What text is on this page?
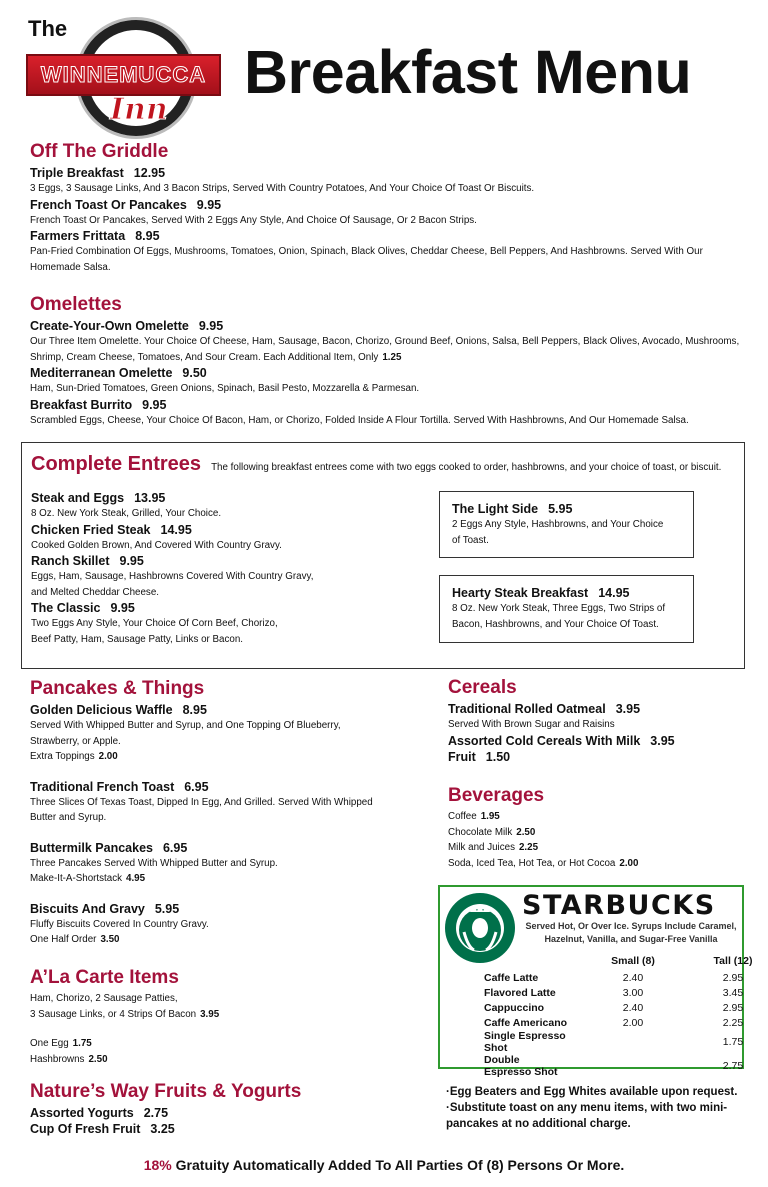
The
WINNEMUCCA
Inn
Breakfast Menu
Off The Griddle
Triple Breakfast 12.95
3 Eggs, 3 Sausage Links, And 3 Bacon Strips, Served With Country Potatoes, And Your Choice Of Toast Or Biscuits.
French Toast Or Pancakes 9.95
French Toast Or Pancakes, Served With 2 Eggs Any Style, And Choice Of Sausage, Or 2 Bacon Strips.
Farmers Frittata 8.95
Pan-Fried Combination Of Eggs, Mushrooms, Tomatoes, Onion, Spinach, Black Olives, Cheddar Cheese, Bell Peppers, And Hashbrowns. Served With Our
Homemade Salsa.
Omelettes
Create-Your-Own Omelette 9.95
Our Three Item Omelette. Your Choice Of Cheese, Ham, Sausage, Bacon, Chorizo, Ground Beef, Onions, Salsa, Bell Peppers, Black Olives, Avocado, Mushrooms,
Shrimp, Cream Cheese, Tomatoes, And Sour Cream. Each Additional Item, Only 1.25
Mediterranean Omelette 9.50
Ham, Sun-Dried Tomatoes, Green Onions, Spinach, Basil Pesto, Mozzarella & Parmesan.
Breakfast Burrito 9.95
Scrambled Eggs, Cheese, Your Choice Of Bacon, Ham, or Chorizo, Folded Inside A Flour Tortilla. Served With Hashbrowns, And Our Homemade Salsa.
Complete Entrees The following breakfast entrees come with two eggs cooked to order, hashbrowns, and your choice of toast, or biscuit.
Steak and Eggs 13.95
8 Oz. New York Steak, Grilled, Your Choice.
Chicken Fried Steak 14.95
Cooked Golden Brown, And Covered With Country Gravy.
Ranch Skillet 9.95
Eggs, Ham, Sausage, Hashbrowns Covered With Country Gravy,
and Melted Cheddar Cheese.
The Classic 9.95
Two Eggs Any Style, Your Choice Of Corn Beef, Chorizo,
Beef Patty, Ham, Sausage Patty, Links or Bacon.
The Light Side 5.95
2 Eggs Any Style, Hashbrowns, and Your Choice
of Toast.
Hearty Steak Breakfast 14.95
8 Oz. New York Steak, Three Eggs, Two Strips of
Bacon, Hashbrowns, and Your Choice Of Toast.
Pancakes & Things
Golden Delicious Waffle 8.95
Served With Whipped Butter and Syrup, and One Topping Of Blueberry,
Strawberry, or Apple.
Extra Toppings 2.00
Traditional French Toast 6.95
Three Slices Of Texas Toast, Dipped In Egg, And Grilled. Served With Whipped
Butter and Syrup.
Buttermilk Pancakes 6.95
Three Pancakes Served With Whipped Butter and Syrup.
Make-It-A-Shortstack 4.95
Biscuits And Gravy 5.95
Fluffy Biscuits Covered In Country Gravy.
One Half Order 3.50
A’La Carte Items
Ham, Chorizo, 2 Sausage Patties,
3 Sausage Links, or 4 Strips Of Bacon 3.95
One Egg 1.75
Hashbrowns 2.50
Nature’s Way Fruits & Yogurts
Assorted Yogurts 2.75
Cup Of Fresh Fruit 3.25
Cereals
Traditional Rolled Oatmeal 3.95
Served With Brown Sugar and Raisins
Assorted Cold Cereals With Milk 3.95
Fruit 1.50
Beverages
Coffee 1.95
Chocolate Milk 2.50
Milk and Juices 2.25
Soda, Iced Tea, Hot Tea, or Hot Cocoa 2.00
STARBUCKS
Served Hot, Or Over Ice. Syrups Include Caramel, Hazelnut, Vanilla, and Sugar-Free Vanilla
	Small (8)	Tall (12)
Caffe Latte	2.40	2.95
Flavored Latte	3.00	3.45
Cappuccino	2.40	2.95
Caffe Americano	2.00	2.25
Single Espresso Shot		1.75
Double Espresso Shot		2.75
·Egg Beaters and Egg Whites available upon request.
·Substitute toast on any menu items, with two mini-pancakes at no additional charge.
18% Gratuity Automatically Added To All Parties Of (8) Persons Or More.
